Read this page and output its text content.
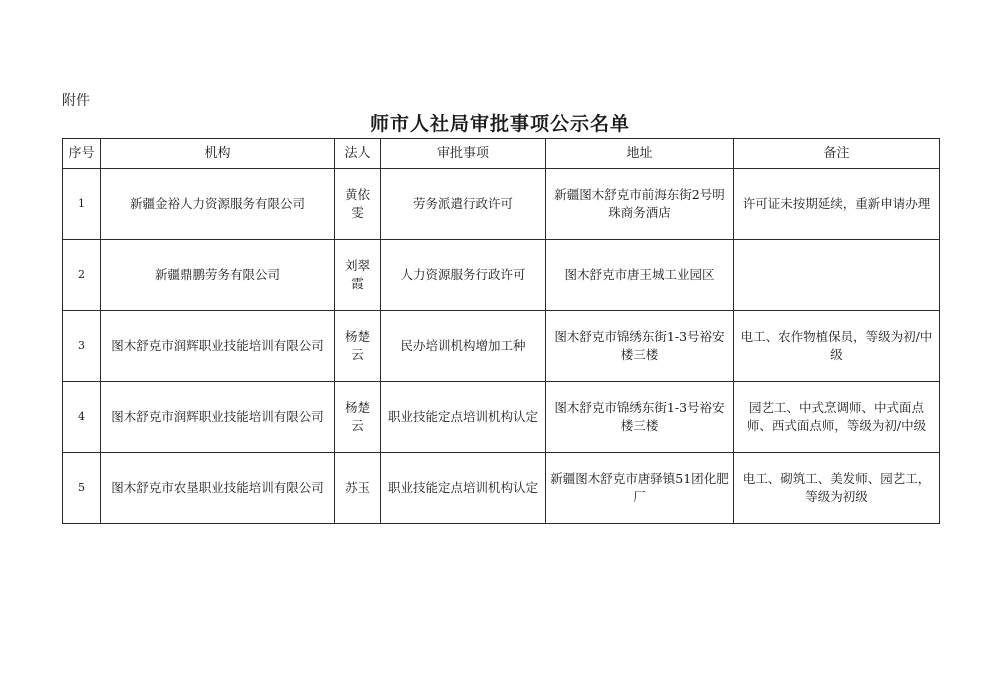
附件
师市人社局审批事项公示名单
序号	机构	法人	审批事项	地址	备注
1	新疆金裕人力资源服务有限公司	黄依雯	劳务派遣行政许可	新疆图木舒克市前海东街2号明珠商务酒店	许可证未按期延续，重新申请办理
2	新疆鼎鹏劳务有限公司	刘翠霞	人力资源服务行政许可	图木舒克市唐王城工业园区	
3	图木舒克市润辉职业技能培训有限公司	杨楚云	民办培训机构增加工种	图木舒克市锦绣东街1-3号裕安楼三楼	电工、农作物植保员，等级为初/中级
4	图木舒克市润辉职业技能培训有限公司	杨楚云	职业技能定点培训机构认定	图木舒克市锦绣东街1-3号裕安楼三楼	园艺工、中式烹调师、中式面点师、西式面点师，等级为初/中级
5	图木舒克市农垦职业技能培训有限公司	苏玉	职业技能定点培训机构认定	新疆图木舒克市唐驿镇51团化肥厂	电工、砌筑工、美发师、园艺工，等级为初级
